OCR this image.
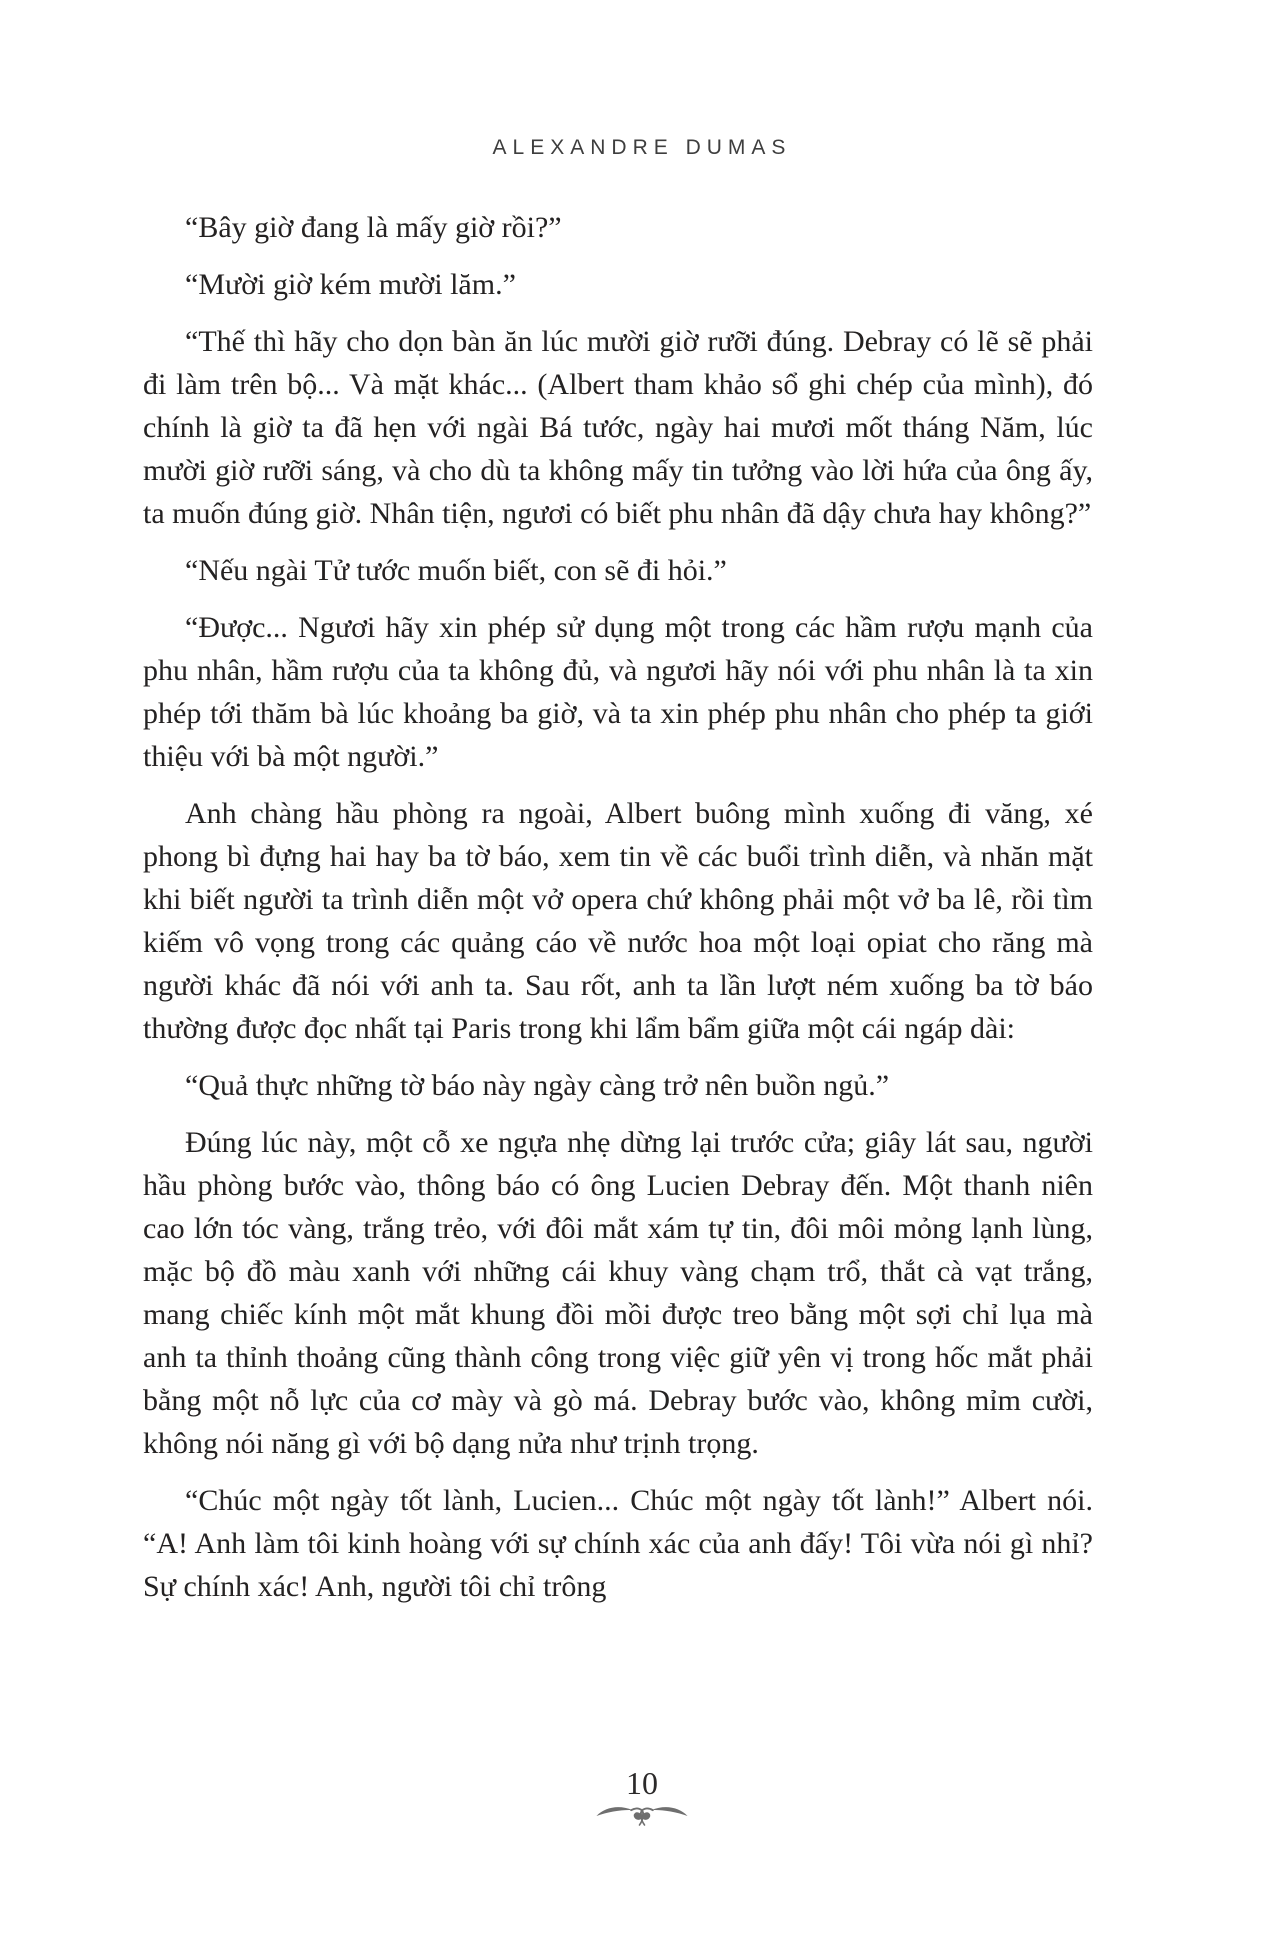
ALEXANDRE DUMAS

“Bây giờ đang là mấy giờ rồi?”

“Mười giờ kém mười lăm.”

“Thế thì hãy cho dọn bàn ăn lúc mười giờ rưỡi đúng. Debray có lẽ sẽ phải đi làm trên bộ... Và mặt khác... (Albert tham khảo sổ ghi chép của mình), đó chính là giờ ta đã hẹn với ngài Bá tước, ngày hai mươi mốt tháng Năm, lúc mười giờ rưỡi sáng, và cho dù ta không mấy tin tưởng vào lời hứa của ông ấy, ta muốn đúng giờ. Nhân tiện, ngươi có biết phu nhân đã dậy chưa hay không?”

“Nếu ngài Tử tước muốn biết, con sẽ đi hỏi.”

“Được... Ngươi hãy xin phép sử dụng một trong các hầm rượu mạnh của phu nhân, hầm rượu của ta không đủ, và ngươi hãy nói với phu nhân là ta xin phép tới thăm bà lúc khoảng ba giờ, và ta xin phép phu nhân cho phép ta giới thiệu với bà một người.”

Anh chàng hầu phòng ra ngoài, Albert buông mình xuống đi văng, xé phong bì đựng hai hay ba tờ báo, xem tin về các buổi trình diễn, và nhăn mặt khi biết người ta trình diễn một vở opera chứ không phải một vở ba lê, rồi tìm kiếm vô vọng trong các quảng cáo về nước hoa một loại opiat cho răng mà người khác đã nói với anh ta. Sau rốt, anh ta lần lượt ném xuống ba tờ báo thường được đọc nhất tại Paris trong khi lẩm bẩm giữa một cái ngáp dài:

“Quả thực những tờ báo này ngày càng trở nên buồn ngủ.”

Đúng lúc này, một cỗ xe ngựa nhẹ dừng lại trước cửa; giây lát sau, người hầu phòng bước vào, thông báo có ông Lucien Debray đến. Một thanh niên cao lớn tóc vàng, trắng trẻo, với đôi mắt xám tự tin, đôi môi mỏng lạnh lùng, mặc bộ đồ màu xanh với những cái khuy vàng chạm trổ, thắt cà vạt trắng, mang chiếc kính một mắt khung đồi mồi được treo bằng một sợi chỉ lụa mà anh ta thỉnh thoảng cũng thành công trong việc giữ yên vị trong hốc mắt phải bằng một nỗ lực của cơ mày và gò má. Debray bước vào, không mỉm cười, không nói năng gì với bộ dạng nửa như trịnh trọng.

“Chúc một ngày tốt lành, Lucien... Chúc một ngày tốt lành!” Albert nói. “A! Anh làm tôi kinh hoàng với sự chính xác của anh đấy! Tôi vừa nói gì nhỉ? Sự chính xác! Anh, người tôi chỉ trông

10
